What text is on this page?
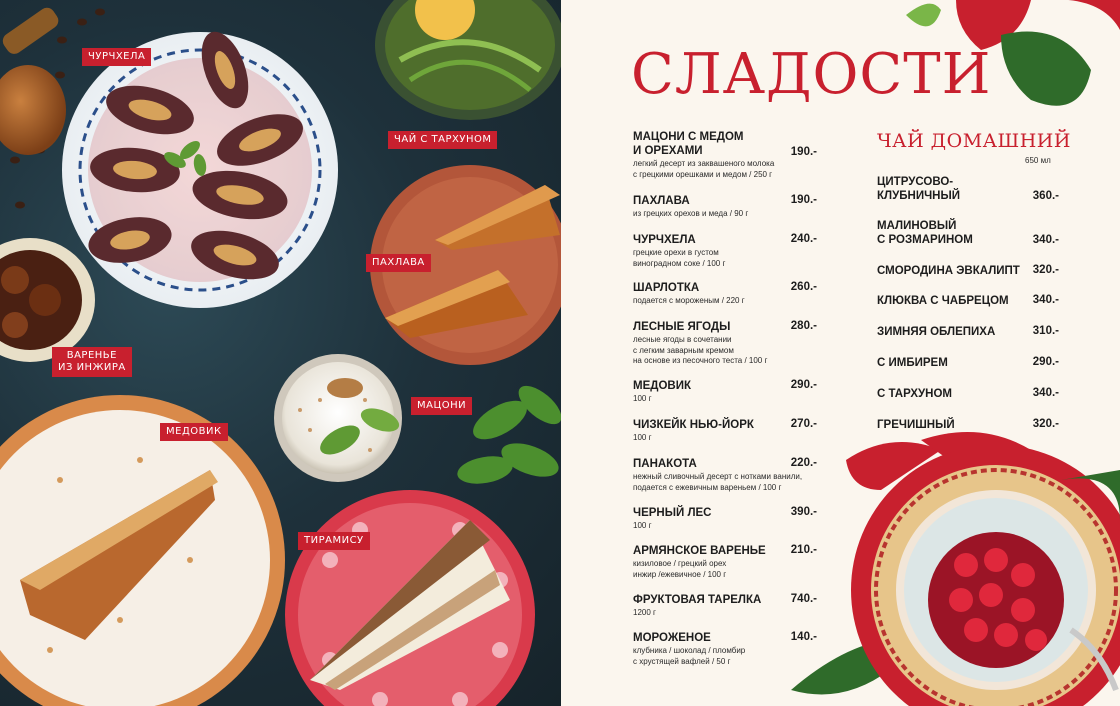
ЧУРЧХЕЛА
ЧАЙ С ТАРХУНОМ
ПАХЛАВА
ВАРЕНЬЕ
ИЗ ИНЖИРА
МАЦОНИ
МЕДОВИК
ТИРАМИСУ
СЛАДОСТИ
МАЦОНИ С МЕДОМ
И ОРЕХАМИ	190.-
легкий десерт из заквашеного молока
с грецкими орешками и медом / 250 г
ПАХЛАВА	190.-
из грецких орехов и меда / 90 г
ЧУРЧХЕЛА	240.-
грецкие орехи в густом
виноградном соке / 100 г
ШАРЛОТКА	260.-
подается с мороженым / 220 г
ЛЕСНЫЕ ЯГОДЫ	280.-
лесные ягоды в сочетании
с легким заварным кремом
на основе из песочного теста / 100 г
МЕДОВИК	290.-
100 г
ЧИЗКЕЙК НЬЮ-ЙОРК	270.-
100 г
ПАНАКОТА	220.-
нежный сливочный десерт с нотками ванили,
подается с ежевичным вареньем / 100 г
ЧЕРНЫЙ ЛЕС	390.-
100 г
АРМЯНСКОЕ ВАРЕНЬЕ	210.-
кизиловое / грецкий орех
инжир /ежевичное / 100 г
ФРУКТОВАЯ ТАРЕЛКА	740.-
1200 г
МОРОЖЕНОЕ	140.-
клубника / шоколад / пломбир
с хрустящей вафлей / 50 г
ЧАЙ ДОМАШНИЙ
650 мл
ЦИТРУСОВО-
КЛУБНИЧНЫЙ	360.-
МАЛИНОВЫЙ
С РОЗМАРИНОМ	340.-
СМОРОДИНА ЭВКАЛИПТ	320.-
КЛЮКВА С ЧАБРЕЦОМ	340.-
ЗИМНЯЯ ОБЛЕПИХА	310.-
С ИМБИРЕМ	290.-
С ТАРХУНОМ	340.-
ГРЕЧИШНЫЙ	320.-
